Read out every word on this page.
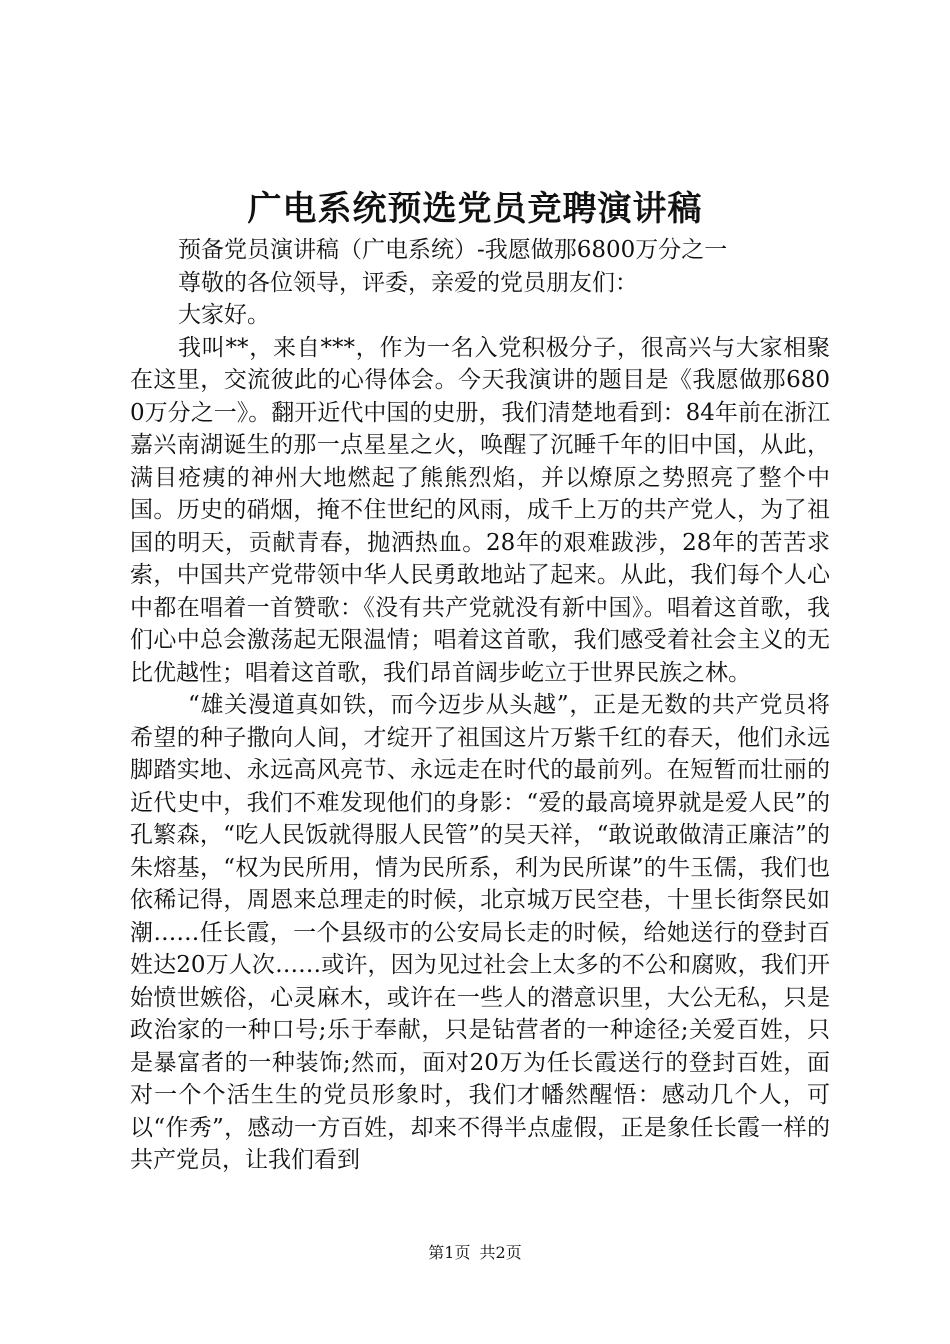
广电系统预选党员竞聘演讲稿

预备党员演讲稿（广电系统）-我愿做那6800万分之一

尊敬的各位领导，评委，亲爱的党员朋友们：

大家好。

我叫**，来自***，作为一名入党积极分子，很高兴与大家相聚在这里，交流彼此的心得体会。今天我演讲的题目是《我愿做那6800万分之一》。翻开近代中国的史册，我们清楚地看到：84年前在浙江嘉兴南湖诞生的那一点星星之火，唤醒了沉睡千年的旧中国，从此，满目疮痍的神州大地燃起了熊熊烈焰，并以燎原之势照亮了整个中国。历史的硝烟，掩不住世纪的风雨，成千上万的共产党人，为了祖国的明天，贡献青春，抛洒热血。28年的艰难跋涉，28年的苦苦求索，中国共产党带领中华人民勇敢地站了起来。从此，我们每个人心中都在唱着一首赞歌：《没有共产党就没有新中国》。唱着这首歌，我们心中总会激荡起无限温情；唱着这首歌，我们感受着社会主义的无比优越性；唱着这首歌，我们昂首阔步屹立于世界民族之林。

“雄关漫道真如铁，而今迈步从头越”，正是无数的共产党员将希望的种子撒向人间，才绽开了祖国这片万紫千红的春天，他们永远脚踏实地、永远高风亮节、永远走在时代的最前列。在短暂而壮丽的近代史中，我们不难发现他们的身影：“爱的最高境界就是爱人民”的孔繁森，“吃人民饭就得服人民管”的吴天祥，“敢说敢做清正廉洁”的朱熔基，“权为民所用，情为民所系，利为民所谋”的牛玉儒，我们也依稀记得，周恩来总理走的时候，北京城万民空巷，十里长街祭民如潮……任长霞，一个县级市的公安局长走的时候，给她送行的登封百姓达20万人次……或许，因为见过社会上太多的不公和腐败，我们开始愤世嫉俗，心灵麻木，或许在一些人的潜意识里，大公无私，只是政治家的一种口号;乐于奉献，只是钻营者的一种途径;关爱百姓，只是暴富者的一种装饰;然而，面对20万为任长霞送行的登封百姓，面对一个个活生生的党员形象时，我们才幡然醒悟：感动几个人，可以“作秀”，感动一方百姓，却来不得半点虚假，正是象任长霞一样的共产党员，让我们看到

第1页 共2页
